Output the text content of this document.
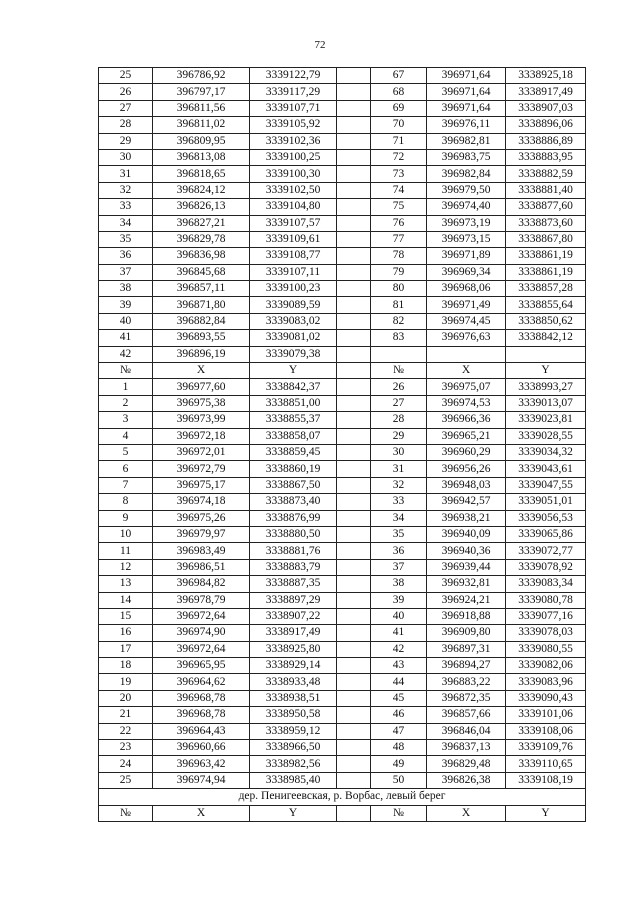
72
25	396786,92	3339122,79		67	396971,64	3338925,18
26	396797,17	3339117,29		68	396971,64	3338917,49
27	396811,56	3339107,71		69	396971,64	3338907,03
28	396811,02	3339105,92		70	396976,11	3338896,06
29	396809,95	3339102,36		71	396982,81	3338886,89
30	396813,08	3339100,25		72	396983,75	3338883,95
31	396818,65	3339100,30		73	396982,84	3338882,59
32	396824,12	3339102,50		74	396979,50	3338881,40
33	396826,13	3339104,80		75	396974,40	3338877,60
34	396827,21	3339107,57		76	396973,19	3338873,60
35	396829,78	3339109,61		77	396973,15	3338867,80
36	396836,98	3339108,77		78	396971,89	3338861,19
37	396845,68	3339107,11		79	396969,34	3338861,19
38	396857,11	3339100,23		80	396968,06	3338857,28
39	396871,80	3339089,59		81	396971,49	3338855,64
40	396882,84	3339083,02		82	396974,45	3338850,62
41	396893,55	3339081,02		83	396976,63	3338842,12
42	396896,19	3339079,38				
№	X	Y		№	X	Y
1	396977,60	3338842,37		26	396975,07	3338993,27
2	396975,38	3338851,00		27	396974,53	3339013,07
3	396973,99	3338855,37		28	396966,36	3339023,81
4	396972,18	3338858,07		29	396965,21	3339028,55
5	396972,01	3338859,45		30	396960,29	3339034,32
6	396972,79	3338860,19		31	396956,26	3339043,61
7	396975,17	3338867,50		32	396948,03	3339047,55
8	396974,18	3338873,40		33	396942,57	3339051,01
9	396975,26	3338876,99		34	396938,21	3339056,53
10	396979,97	3338880,50		35	396940,09	3339065,86
11	396983,49	3338881,76		36	396940,36	3339072,77
12	396986,51	3338883,79		37	396939,44	3339078,92
13	396984,82	3338887,35		38	396932,81	3339083,34
14	396978,79	3338897,29		39	396924,21	3339080,78
15	396972,64	3338907,22		40	396918,88	3339077,16
16	396974,90	3338917,49		41	396909,80	3339078,03
17	396972,64	3338925,80		42	396897,31	3339080,55
18	396965,95	3338929,14		43	396894,27	3339082,06
19	396964,62	3338933,48		44	396883,22	3339083,96
20	396968,78	3338938,51		45	396872,35	3339090,43
21	396968,78	3338950,58		46	396857,66	3339101,06
22	396964,43	3338959,12		47	396846,04	3339108,06
23	396960,66	3338966,50		48	396837,13	3339109,76
24	396963,42	3338982,56		49	396829,48	3339110,65
25	396974,94	3338985,40		50	396826,38	3339108,19
дер. Пенигеевская, р. Ворбас, левый берег						
№	X	Y		№	X	Y
